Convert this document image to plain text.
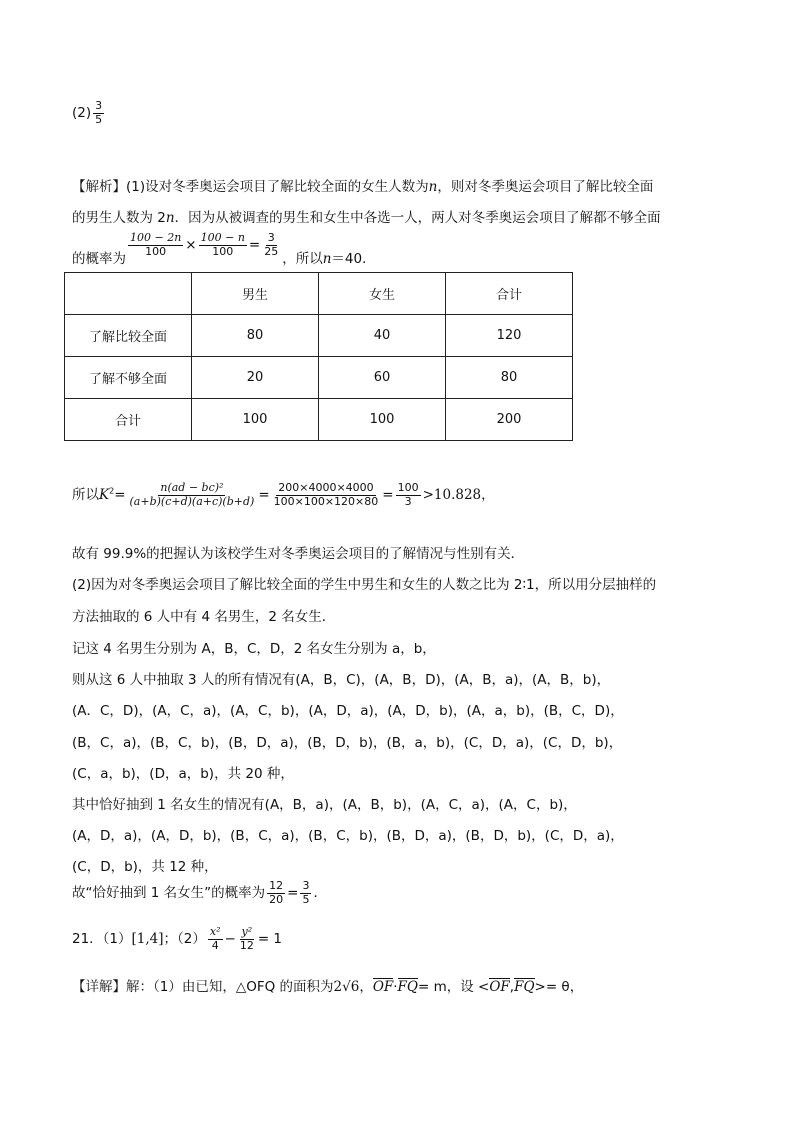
$(2) \frac{3}{5}$
【解析】(1)设对冬季奥运会项目了解比较全面的女生人数为n，则对冬季奥运会项目了解比较全面
的男生人数为 2n．因为从被调查的男生和女生中各选一人，两人对冬季奥运会项目了解都不够全面
的概率为
$\frac{100 - 2n}{100} \times \frac{100 - n}{100} = \frac{3}{25}$
，所以n＝40．
	男生	女生	合计
了解比较全面	80	40	120
了解不够全面	20	60	80
合计	100	100	200
所以$K^2= \frac{\text{n(ad − bc)²}}{(a+b)(c+d)(a+c)(b+d)} = \frac{200\times 4000\times 4000}{100\times 100\times 120\times 80} = \frac{100}{3} >10.828$，
故有 99.9%的把握认为该校学生对冬季奥运会项目的了解情况与性别有关．
(2)因为对冬季奥运会项目了解比较全面的学生中男生和女生的人数之比为 2∶1，所以用分层抽样的
方法抽取的 6 人中有 4 名男生，2 名女生．
记这 4 名男生分别为 A，B，C，D，2 名女生分别为 a，b，
则从这 6 人中抽取 3 人的所有情况有(A，B，C)，(A，B，D)，(A，B，a)，(A，B，b)，
(A．C，D)，(A，C，a)，(A，C，b)，(A，D，a)，(A，D，b)，(A，a，b)，(B，C，D)，
(B，C，a)，(B，C，b)，(B，D，a)，(B，D，b)，(B，a，b)，(C，D，a)，(C，D，b)，
(C，a，b)，(D，a，b)，共 20 种，
其中恰好抽到 1 名女生的情况有(A，B，a)，(A，B，b)，(A，C，a)，(A，C，b)，
(A，D，a)，(A，D，b)，(B，C，a)，(B，C，b)，(B，D，a)，(B，D，b)，(C，D，a)，
(C，D，b)，共 12 种，
故“恰好抽到 1 名女生”的概率为 $\frac{12}{20} = \frac{3}{5}$ ．
21．（1）[1,4]；$(2) \frac{\text{x²}}{4} - \frac{\text{y²}}{12} = 1$
【详解】解：（1）由已知，△OFQ 的面积为2√6，OF·FQ= m，设 <OF,FQ>= θ，
